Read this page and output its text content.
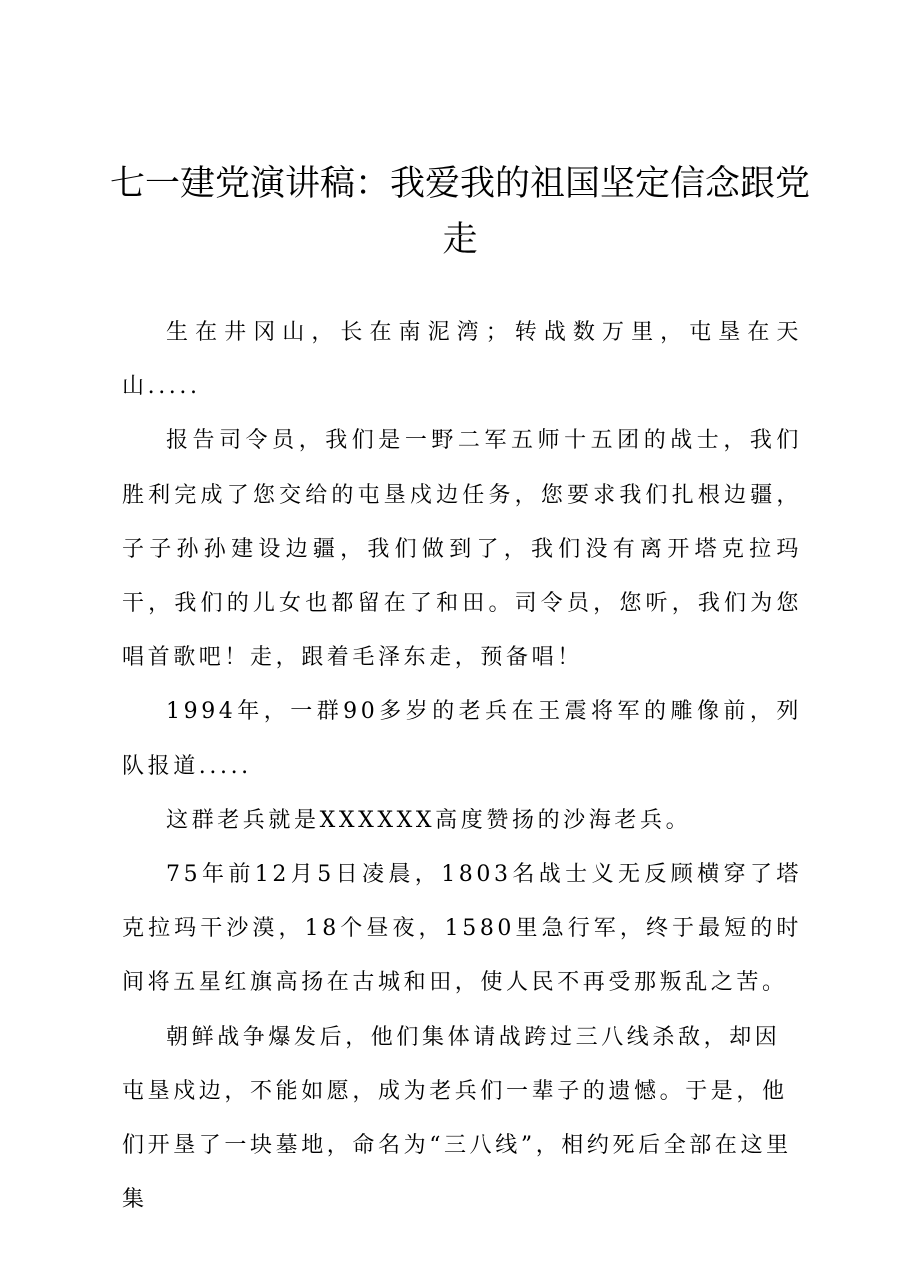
七一建党演讲稿：我爱我的祖国坚定信念跟党走

生在井冈山，长在南泥湾；转战数万里，屯垦在天山.....

报告司令员，我们是一野二军五师十五团的战士，我们胜利完成了您交给的屯垦戍边任务，您要求我们扎根边疆，子子孙孙建设边疆，我们做到了，我们没有离开塔克拉玛干，我们的儿女也都留在了和田。司令员，您听，我们为您唱首歌吧！走，跟着毛泽东走，预备唱！

1994年，一群90多岁的老兵在王震将军的雕像前，列队报道.....

这群老兵就是XXXXXX高度赞扬的沙海老兵。

75年前12月5日凌晨，1803名战士义无反顾横穿了塔克拉玛干沙漠，18个昼夜，1580里急行军，终于最短的时间将五星红旗高扬在古城和田，使人民不再受那叛乱之苦。

朝鲜战争爆发后，他们集体请战跨过三八线杀敌，却因屯垦戍边，不能如愿，成为老兵们一辈子的遗憾。于是，他们开垦了一块墓地，命名为“三八线”，相约死后全部在这里集
